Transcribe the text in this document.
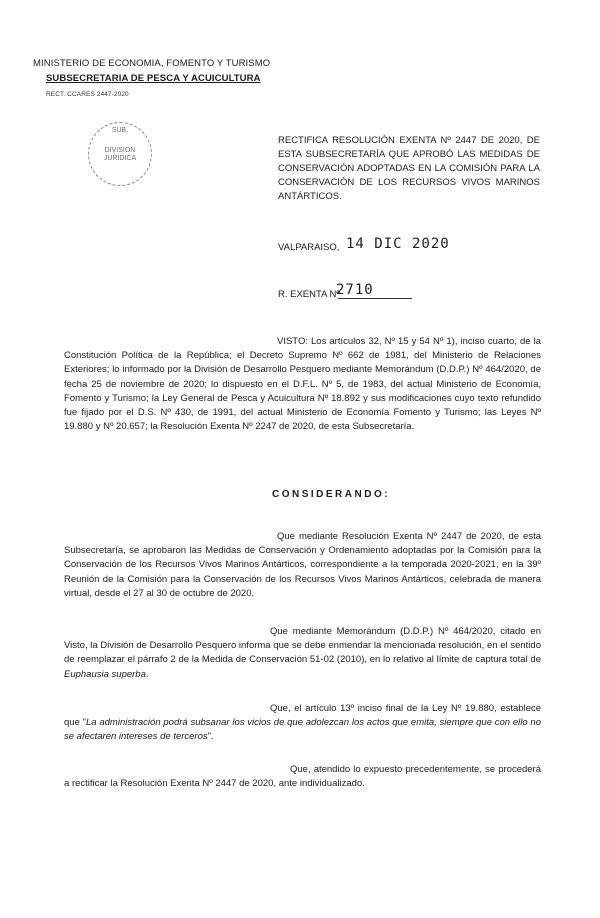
MINISTERIO DE ECONOMIA, FOMENTO Y TURISMO
SUBSECRETARIA DE PESCA Y ACUICULTURA
RECT. CCARES 2447-2020
SUB.
DIVISION
JURIDICA
RECTIFICA RESOLUCIÓN EXENTA Nº 2447 DE 2020, DE ESTA SUBSECRETARÍA QUE APROBÓ LAS MEDIDAS DE CONSERVACIÓN ADOPTADAS EN LA COMISIÓN PARA LA CONSERVACIÓN DE LOS RECURSOS VIVOS MARINOS ANTÁRTICOS.
VALPARAISO, 14 DIC 2020
R. EXENTA Nº
2710
VISTO: Los artículos 32, Nº 15 y 54 Nº 1), inciso cuarto, de la Constitución Política de la República; el Decreto Supremo Nº 662 de 1981, del Ministerio de Relaciones Exteriores; lo informado por la División de Desarrollo Pesquero mediante Memorándum (D.D.P.) Nº 464/2020, de fecha 25 de noviembre de 2020; lo dispuesto en el D.F.L. Nº 5, de 1983, del actual Ministerio de Economía, Fomento y Turismo; la Ley General de Pesca y Acuicultura Nº 18.892 y sus modificaciones cuyo texto refundido fue fijado por el D.S. Nº 430, de 1991, del actual Ministerio de Economía Fomento y Turismo; las Leyes Nº 19.880 y Nº 20.657; la Resolución Exenta Nº 2247 de 2020, de esta Subsecretaría.
CONSIDERANDO:
Que mediante Resolución Exenta Nº 2447 de 2020, de esta Subsecretaría, se aprobaron las Medidas de Conservación y Ordenamiento adoptadas por la Comisión para la Conservación de los Recursos Vivos Marinos Antárticos, correspondiente a la temporada 2020-2021, en la 39º Reunión de la Comisión para la Conservación de los Recursos Vivos Marinos Antárticos, celebrada de manera virtual, desde el 27 al 30 de octubre de 2020.
Que mediante Memorándum (D.D.P.) Nº 464/2020, citado en Visto, la División de Desarrollo Pesquero informa que se debe enmendar la mencionada resolución, en el sentido de reemplazar el párrafo 2 de la Medida de Conservación 51-02 (2010), en lo relativo al límite de captura total de Euphausia superba.
Que, el artículo 13º inciso final de la Ley Nº 19.880, establece que "La administración podrá subsanar los vicios de que adolezcan los actos que emita, siempre que con ello no se afectaren intereses de terceros".
Que, atendido lo expuesto precedentemente, se procederá a rectificar la Resolución Exenta Nº 2447 de 2020, ante individualizado.
